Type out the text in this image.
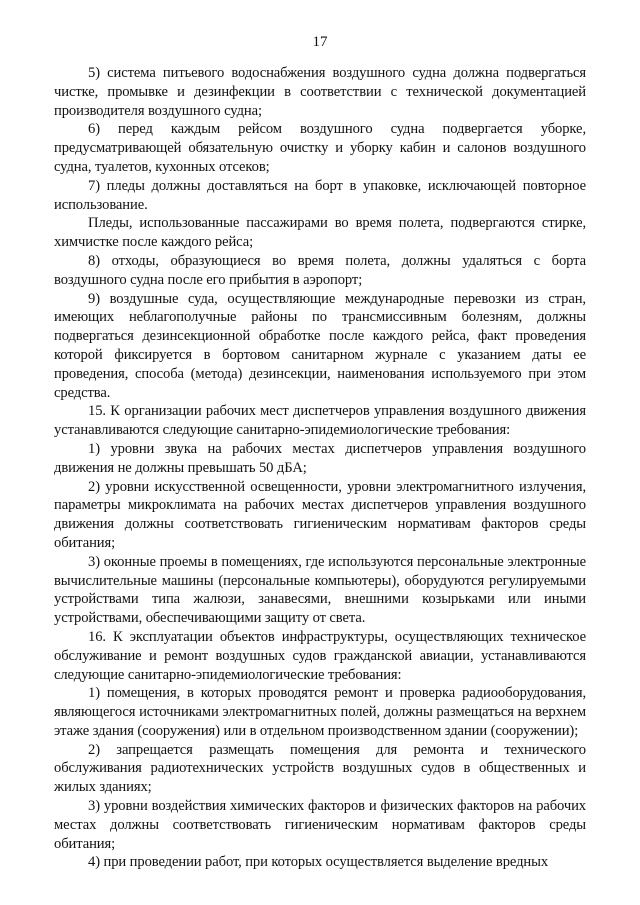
17

5) система питьевого водоснабжения воздушного судна должна подвергаться чистке, промывке и дезинфекции в соответствии с технической документацией производителя воздушного судна;

6) перед каждым рейсом воздушного судна подвергается уборке, предусматривающей обязательную очистку и уборку кабин и салонов воздушного судна, туалетов, кухонных отсеков;

7) пледы должны доставляться на борт в упаковке, исключающей повторное использование.

Пледы, использованные пассажирами во время полета, подвергаются стирке, химчистке после каждого рейса;

8) отходы, образующиеся во время полета, должны удаляться с борта воздушного судна после его прибытия в аэропорт;

9) воздушные суда, осуществляющие международные перевозки из стран, имеющих неблагополучные районы по трансмиссивным болезням, должны подвергаться дезинсекционной обработке после каждого рейса, факт проведения которой фиксируется в бортовом санитарном журнале с указанием даты ее проведения, способа (метода) дезинсекции, наименования используемого при этом средства.

15. К организации рабочих мест диспетчеров управления воздушного движения устанавливаются следующие санитарно-эпидемиологические требования:

1) уровни звука на рабочих местах диспетчеров управления воздушного движения не должны превышать 50 дБА;

2) уровни искусственной освещенности, уровни электромагнитного излучения, параметры микроклимата на рабочих местах диспетчеров управления воздушного движения должны соответствовать гигиеническим нормативам факторов среды обитания;

3) оконные проемы в помещениях, где используются персональные электронные вычислительные машины (персональные компьютеры), оборудуются регулируемыми устройствами типа жалюзи, занавесями, внешними козырьками или иными устройствами, обеспечивающими защиту от света.

16. К эксплуатации объектов инфраструктуры, осуществляющих техническое обслуживание и ремонт воздушных судов гражданской авиации, устанавливаются следующие санитарно-эпидемиологические требования:

1) помещения, в которых проводятся ремонт и проверка радиооборудования, являющегося источниками электромагнитных полей, должны размещаться на верхнем этаже здания (сооружения) или в отдельном производственном здании (сооружении);

2) запрещается размещать помещения для ремонта и технического обслуживания радиотехнических устройств воздушных судов в общественных и жилых зданиях;

3) уровни воздействия химических факторов и физических факторов на рабочих местах должны соответствовать гигиеническим нормативам факторов среды обитания;

4) при проведении работ, при которых осуществляется выделение вредных
